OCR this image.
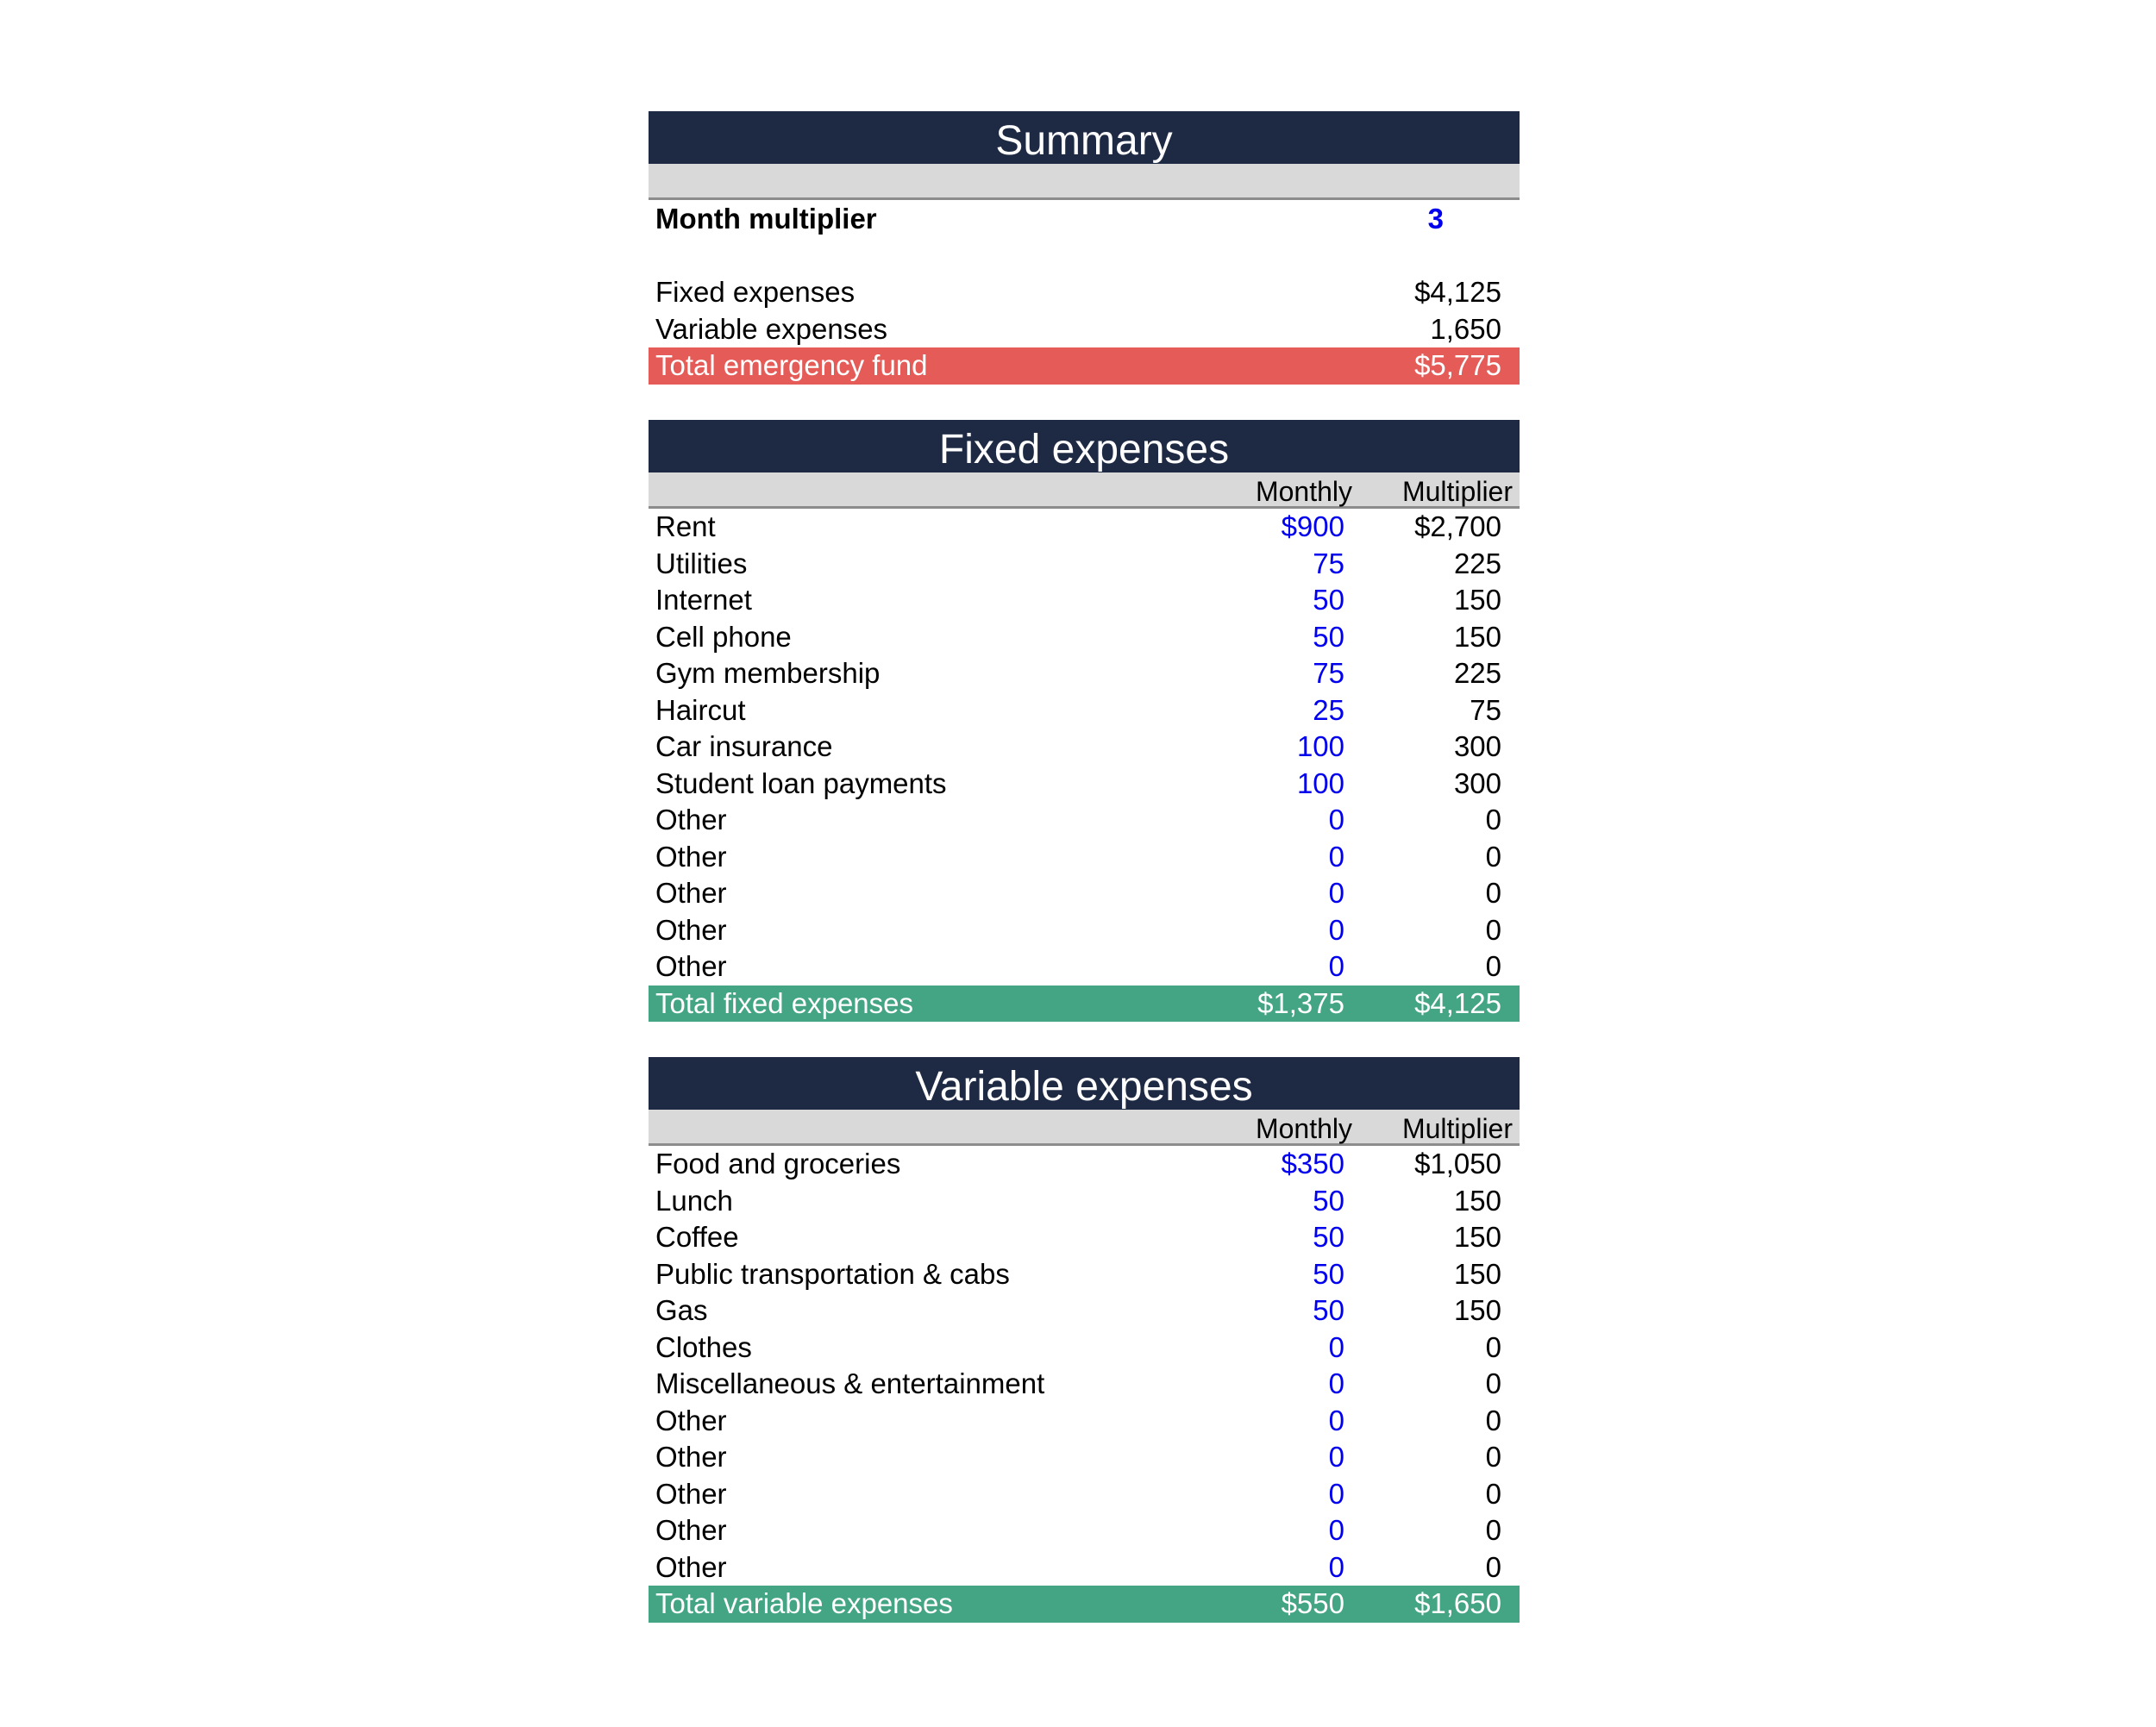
Summary
Month multiplier	3
Fixed expenses	$4,125
Variable expenses	1,650
Total emergency fund	$5,775
Fixed expenses
Monthly Multiplier
Rent	$900 $2,700
Utilities	75	225
Internet	50	150
Cell phone	50	150
Gym membership	75	225
Haircut	25	75
Car insurance	100	300
Student loan payments	100	300
Other	0	0
Other	0	0
Other	0	0
Other	0	0
Other	0	0
Total fixed expenses	$1,375 $4,125
Variable expenses
Monthly Multiplier
Food and groceries	$350 $1,050
Lunch	50	150
Coffee	50	150
Public transportation & cabs	50	150
Gas	50	150
Clothes	0	0
Miscellaneous & entertainment	0	0
Other	0	0
Other	0	0
Other	0	0
Other	0	0
Other	0	0
Total variable expenses	$550 $1,650
